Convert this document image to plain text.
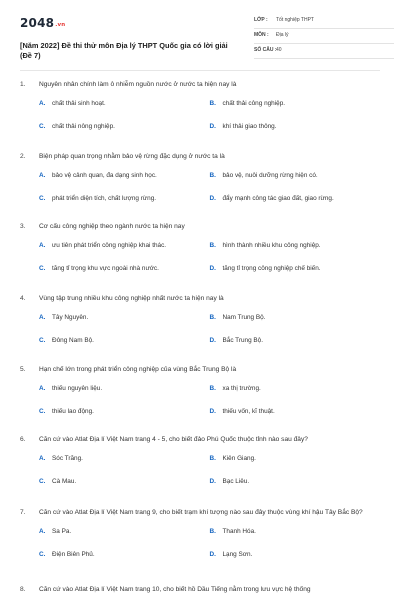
2048.vn
[Năm 2022] Đề thi thử môn Địa lý THPT Quốc gia có lời giải (Đề 7)
LỚP : Tốt nghiệp THPT
MÔN : Địa lý
SỐ CÂU : 40
1.	Nguyên nhân chính làm ô nhiễm nguồn nước ở nước ta hiện nay là
A.	chất thải sinh hoạt.	B.	chất thải công nghiệp.
C.	chất thải nông nghiệp.	D.	khí thải giao thông.
2.	Biện pháp quan trọng nhằm bảo vệ rừng đặc dụng ở nước ta là
A.	bảo vệ cảnh quan, đa dạng sinh học.	B.	bảo vệ, nuôi dưỡng rừng hiện có.
C.	phát triển diện tích, chất lượng rừng.	D.	đẩy mạnh công tác giao đất, giao rừng.
3.	Cơ cấu công nghiệp theo ngành nước ta hiện nay
A.	ưu tiên phát triển công nghiệp khai thác.	B.	hình thành nhiều khu công nghiệp.
C.	tăng tỉ trọng khu vực ngoài nhà nước.	D.	tăng tỉ trọng công nghiệp chế biến.
4.	Vùng tập trung nhiều khu công nghiệp nhất nước ta hiện nay là
A.	Tây Nguyên.	B.	Nam Trung Bộ.
C.	Đông Nam Bộ.	D.	Bắc Trung Bộ.
5.	Hạn chế lớn trong phát triển công nghiệp của vùng Bắc Trung Bộ là
A.	thiếu nguyên liệu.	B.	xa thị trường.
C.	thiếu lao động.	D.	thiếu vốn, kĩ thuật.
6.	Căn cứ vào Atlat Địa lí Việt Nam trang 4 - 5, cho biết đảo Phú Quốc thuộc tỉnh nào sau đây?
A.	Sóc Trăng.	B.	Kiên Giang.
C.	Cà Mau.	D.	Bạc Liêu.
7.	Căn cứ vào Atlat Địa lí Việt Nam trang 9, cho biết trạm khí tượng nào sau đây thuộc vùng khí hậu Tây Bắc Bộ?
A.	Sa Pa.	B.	Thanh Hóa.
C.	Điện Biên Phủ.	D.	Lạng Sơn.
8.	Căn cứ vào Atlat Địa lí Việt Nam trang 10, cho biết hồ Dầu Tiếng nằm trong lưu vực hệ thống
